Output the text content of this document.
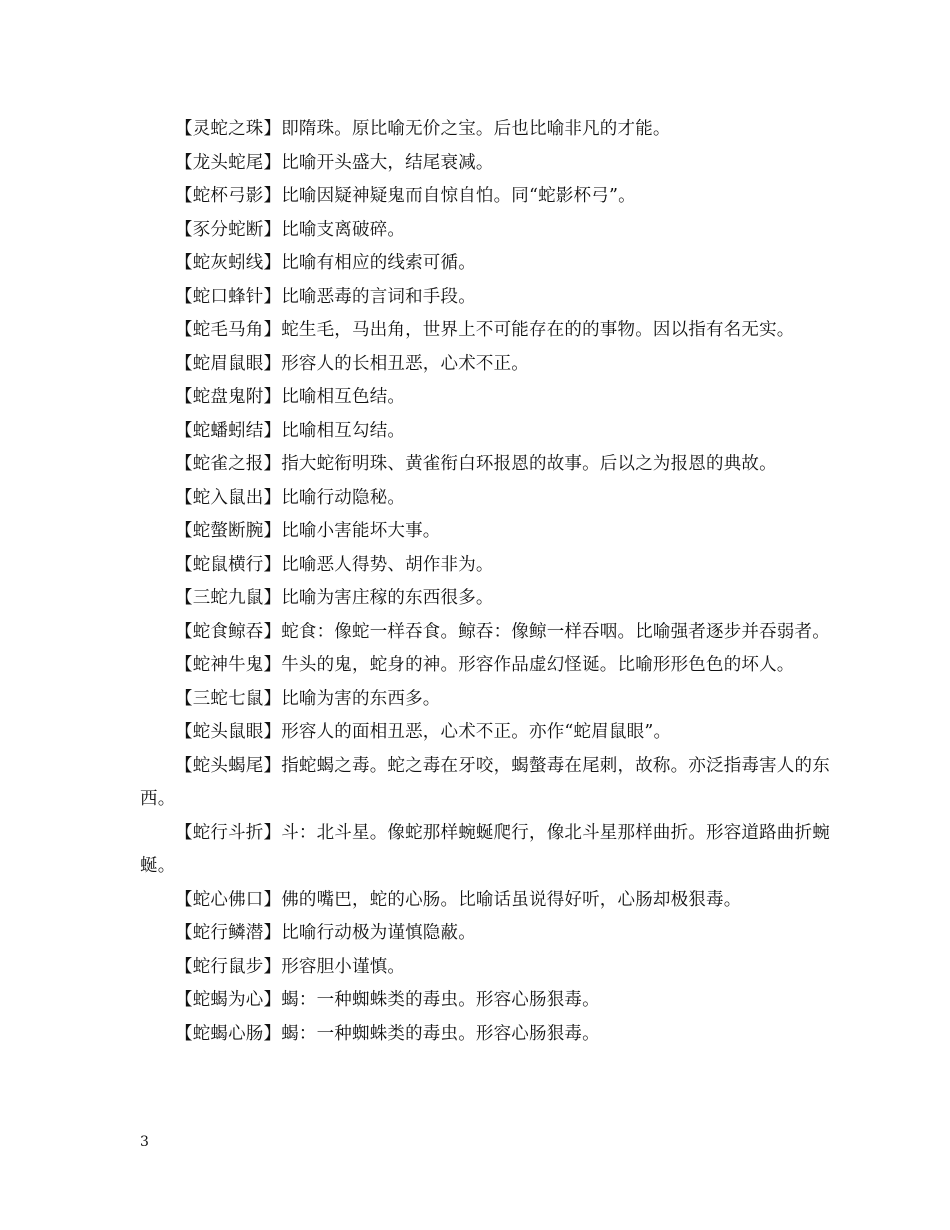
【灵蛇之珠】即隋珠。原比喻无价之宝。后也比喻非凡的才能。

【龙头蛇尾】比喻开头盛大，结尾衰减。

【蛇杯弓影】比喻因疑神疑鬼而自惊自怕。同“蛇影杯弓”。

【豕分蛇断】比喻支离破碎。

【蛇灰蚓线】比喻有相应的线索可循。

【蛇口蜂针】比喻恶毒的言词和手段。

【蛇毛马角】蛇生毛，马出角，世界上不可能存在的的事物。因以指有名无实。

【蛇眉鼠眼】形容人的长相丑恶，心术不正。

【蛇盘鬼附】比喻相互色结。

【蛇蟠蚓结】比喻相互勾结。

【蛇雀之报】指大蛇衔明珠、黄雀衔白环报恩的故事。后以之为报恩的典故。

【蛇入鼠出】比喻行动隐秘。

【蛇螫断腕】比喻小害能坏大事。

【蛇鼠横行】比喻恶人得势、胡作非为。

【三蛇九鼠】比喻为害庄稼的东西很多。

【蛇食鲸吞】蛇食：像蛇一样吞食。鲸吞：像鲸一样吞咽。比喻强者逐步并吞弱者。

【蛇神牛鬼】牛头的鬼，蛇身的神。形容作品虚幻怪诞。比喻形形色色的坏人。

【三蛇七鼠】比喻为害的东西多。

【蛇头鼠眼】形容人的面相丑恶，心术不正。亦作“蛇眉鼠眼”。

【蛇头蝎尾】指蛇蝎之毒。蛇之毒在牙咬，蝎螫毒在尾刺，故称。亦泛指毒害人的东西。

【蛇行斗折】斗：北斗星。像蛇那样蜿蜒爬行，像北斗星那样曲折。形容道路曲折蜿蜒。

【蛇心佛口】佛的嘴巴，蛇的心肠。比喻话虽说得好听，心肠却极狠毒。

【蛇行鳞潜】比喻行动极为谨慎隐蔽。

【蛇行鼠步】形容胆小谨慎。

【蛇蝎为心】蝎：一种蜘蛛类的毒虫。形容心肠狠毒。

【蛇蝎心肠】蝎：一种蜘蛛类的毒虫。形容心肠狠毒。

3
